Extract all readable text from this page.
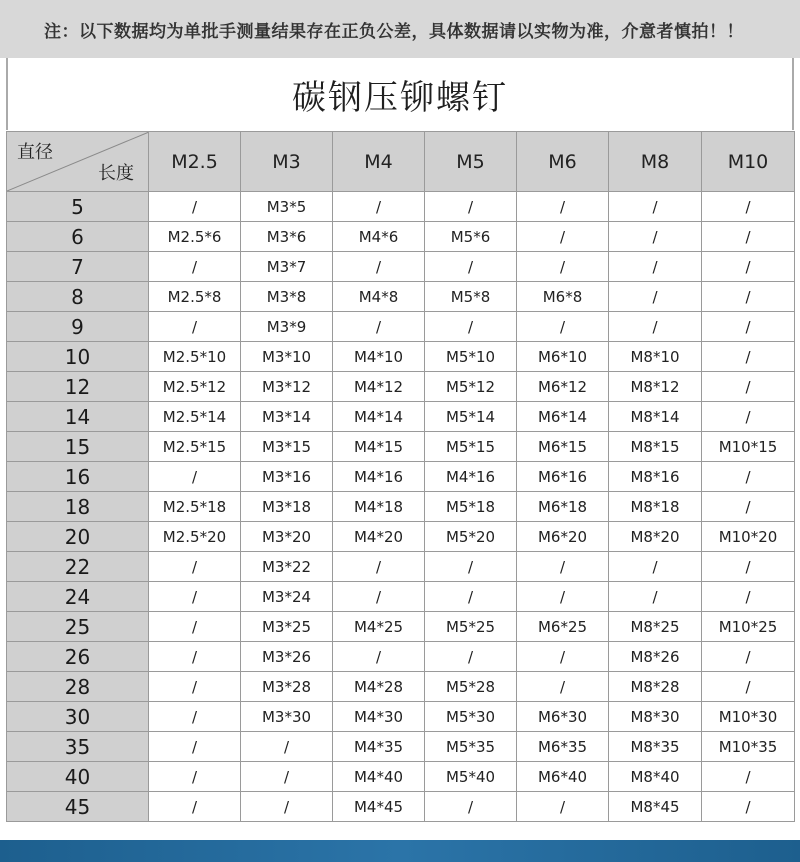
注：以下数据均为单批手测量结果存在正负公差，具体数据请以实物为准，介意者慎拍！！
碳钢压铆螺钉
直径
长度	M2.5	M3	M4	M5	M6	M8	M10
5	/	M3*5	/	/	/	/	/
6	M2.5*6	M3*6	M4*6	M5*6	/	/	/
7	/	M3*7	/	/	/	/	/
8	M2.5*8	M3*8	M4*8	M5*8	M6*8	/	/
9	/	M3*9	/	/	/	/	/
10	M2.5*10	M3*10	M4*10	M5*10	M6*10	M8*10	/
12	M2.5*12	M3*12	M4*12	M5*12	M6*12	M8*12	/
14	M2.5*14	M3*14	M4*14	M5*14	M6*14	M8*14	/
15	M2.5*15	M3*15	M4*15	M5*15	M6*15	M8*15	M10*15
16	/	M3*16	M4*16	M4*16	M6*16	M8*16	/
18	M2.5*18	M3*18	M4*18	M5*18	M6*18	M8*18	/
20	M2.5*20	M3*20	M4*20	M5*20	M6*20	M8*20	M10*20
22	/	M3*22	/	/	/	/	/
24	/	M3*24	/	/	/	/	/
25	/	M3*25	M4*25	M5*25	M6*25	M8*25	M10*25
26	/	M3*26	/	/	/	M8*26	/
28	/	M3*28	M4*28	M5*28	/	M8*28	/
30	/	M3*30	M4*30	M5*30	M6*30	M8*30	M10*30
35	/	/	M4*35	M5*35	M6*35	M8*35	M10*35
40	/	/	M4*40	M5*40	M6*40	M8*40	/
45	/	/	M4*45	/	/	M8*45	/
